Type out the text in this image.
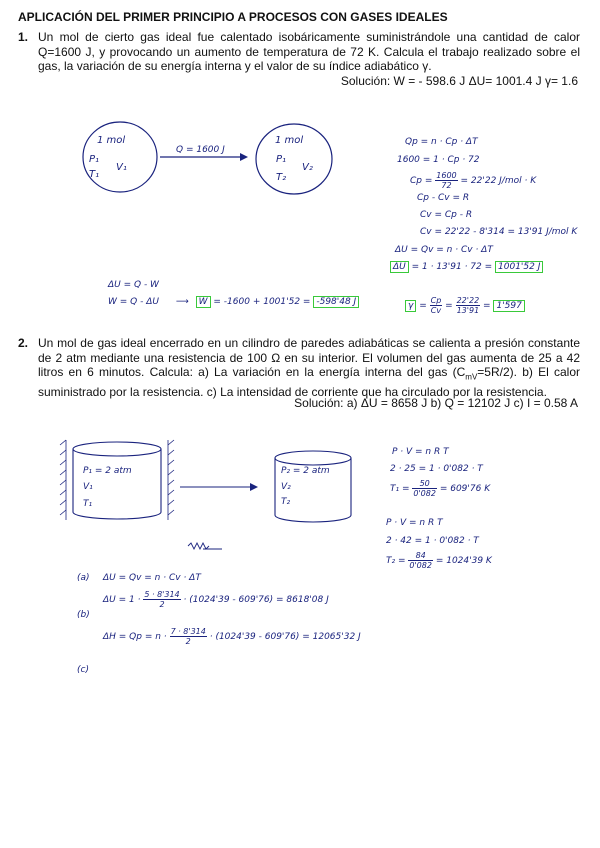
APLICACIÓN DEL PRIMER PRINCIPIO A PROCESOS CON GASES IDEALES
1. Un mol de cierto gas ideal fue calentado isobáricamente suministrándole una cantidad de calor Q=1600 J, y provocando un aumento de temperatura de 72 K. Calcula el trabajo realizado sobre el gas, la variación de su energía interna y el valor de su índice adiabático γ.
Solución: W = - 598.6 J ΔU= 1001.4 J γ= 1.6
1 mol
P₁
V₁
T₁
Q = 1600 J
1 mol
P₁
V₂
T₂
Qp = n · Cp · ΔT
1600 = 1 · Cp · 72
$Cp = \frac{1600}{72} = 22'22$ J/mol · K
Cp - Cv = R
Cv = Cp - R
Cv = 22'22 - 8'314 = 13'91 J/mol K
ΔU = Qv = n · Cv · ΔT
ΔU = 1 · 13'91 · 72 = 1001'52 J
ΔU = Q - W
W = Q - ΔU ⟶ W = -1600 + 1001'52 = -598'48 J	$\gamma = \frac{Cp}{Cv} = \frac{22'22}{13'91} = 1'597$
2. Un mol de gas ideal encerrado en un cilindro de paredes adiabáticas se calienta a presión constante de 2 atm mediante una resistencia de 100 Ω en su interior. El volumen del gas aumenta de 25 a 42 litros en 6 minutos. Calcula: a) La variación en la energía interna del gas $(C_{mV}=5R/2)$. b) El calor suministrado por la resistencia. c) La intensidad de corriente que ha circulado por la resistencia.
Solución: a) ΔU = 8658 J b) Q = 12102 J c) I = 0.58 A
P₁ = 2 atm
V₁
T₁
P₂ = 2 atm
V₂
T₂
P · V = n R T
2 · 25 = 1 · 0'082 · T
$T_1 = \frac{50}{0'082} = 609'76$ K
P · V = n R T
2 · 42 = 1 · 0'082 · T
$T_2 = \frac{84}{0'082} = 1024'39$ K
(a) ΔU = Qv = n · Cv · ΔT
$\Delta U = 1 \cdot \frac{5 \cdot 8'314}{2} \cdot (1024'39 - 609'76) = 8618'08$ J
(b)
$\Delta H = Qp = n \cdot \frac{7 \cdot 8'314}{2} \cdot (1024'39 - 609'76) = 12065'32$ J
(c)
